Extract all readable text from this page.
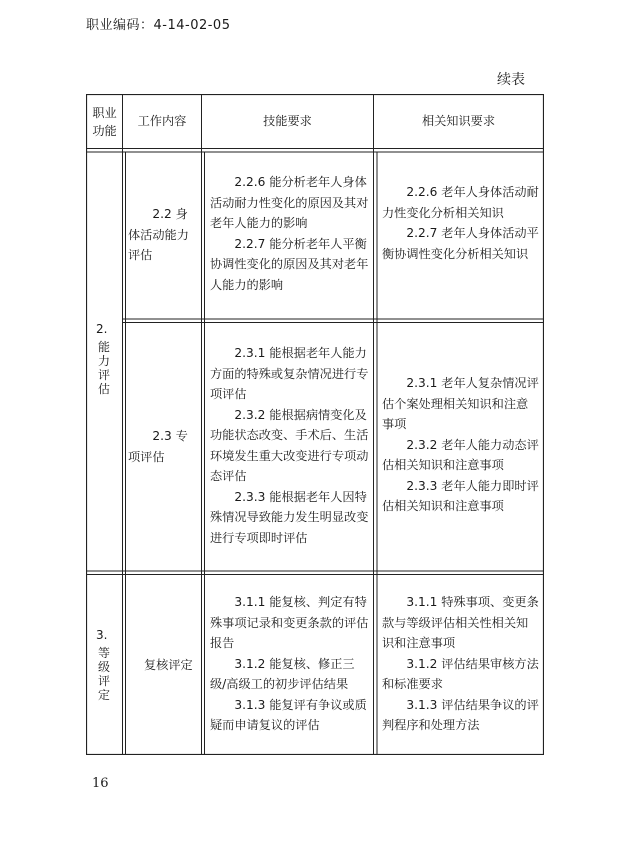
职业编码：4-14-02-05
续表
职业
功能
工作内容	技能要求	相关知识要求
2.
能力评估
2.2 身体活动能力评估

2.2.6 能分析老年人身体活动耐力性变化的原因及其对老年人能力的影响

2.2.7 能分析老年人平衡协调性变化的原因及其对老年人能力的影响

2.2.6 老年人身体活动耐力性变化分析相关知识

2.2.7 老年人身体活动平衡协调性变化分析相关知识

2.3 专项评估

2.3.1 能根据老年人能力方面的特殊或复杂情况进行专项评估

2.3.2 能根据病情变化及功能状态改变、手术后、生活环境发生重大改变进行专项动态评估

2.3.3 能根据老年人因特殊情况导致能力发生明显改变进行专项即时评估

2.3.1 老年人复杂情况评估个案处理相关知识和注意事项

2.3.2 老年人能力动态评估相关知识和注意事项

2.3.3 老年人能力即时评估相关知识和注意事项

3.
等级评定
复核评定

3.1.1 能复核、判定有特殊事项记录和变更条款的评估报告

3.1.2 能复核、修正三级/高级工的初步评估结果

3.1.3 能复评有争议或质疑而申请复议的评估

3.1.1 特殊事项、变更条款与等级评估相关性相关知识和注意事项

3.1.2 评估结果审核方法和标准要求

3.1.3 评估结果争议的评判程序和处理方法

16
